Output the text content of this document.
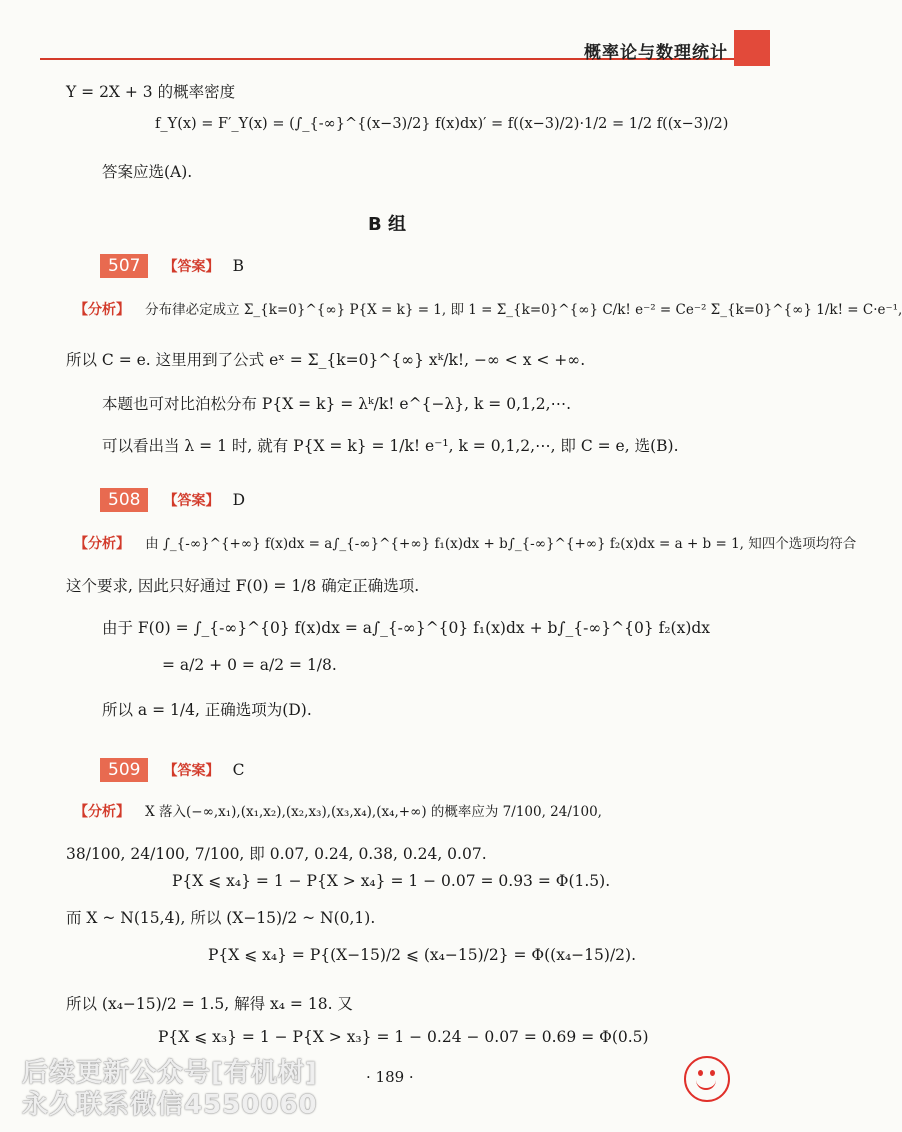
概率论与数理统计
Y = 2X + 3 的概率密度
f_Y(x) = F′_Y(x) = (∫_{-∞}^{(x−3)/2} f(x)dx)′ = f((x−3)/2)·1/2 = 1/2 f((x−3)/2)
答案应选(A).
B 组
507 【答案】 B
【分析】 分布律必定成立 Σ_{k=0}^{∞} P{X = k} = 1, 即 1 = Σ_{k=0}^{∞} C/k! e⁻² = Ce⁻² Σ_{k=0}^{∞} 1/k! = C·e⁻¹,
所以 C = e. 这里用到了公式 eˣ = Σ_{k=0}^{∞} xᵏ/k!, −∞ < x < +∞.
本题也可对比泊松分布 P{X = k} = λᵏ/k! e^{−λ}, k = 0,1,2,⋯.
可以看出当 λ = 1 时, 就有 P{X = k} = 1/k! e⁻¹, k = 0,1,2,⋯, 即 C = e, 选(B).
508 【答案】 D
【分析】 由 ∫_{-∞}^{+∞} f(x)dx = a∫_{-∞}^{+∞} f₁(x)dx + b∫_{-∞}^{+∞} f₂(x)dx = a + b = 1, 知四个选项均符合
这个要求, 因此只好通过 F(0) = 1/8 确定正确选项.
由于 F(0) = ∫_{-∞}^{0} f(x)dx = a∫_{-∞}^{0} f₁(x)dx + b∫_{-∞}^{0} f₂(x)dx
= a/2 + 0 = a/2 = 1/8.
所以 a = 1/4, 正确选项为(D).
509 【答案】 C
【分析】 X 落入(−∞,x₁),(x₁,x₂),(x₂,x₃),(x₃,x₄),(x₄,+∞) 的概率应为 7/100, 24/100,
38/100, 24/100, 7/100, 即 0.07, 0.24, 0.38, 0.24, 0.07.
P{X ⩽ x₄} = 1 − P{X > x₄} = 1 − 0.07 = 0.93 = Φ(1.5).
而 X ~ N(15,4), 所以 (X−15)/2 ~ N(0,1).
P{X ⩽ x₄} = P{(X−15)/2 ⩽ (x₄−15)/2} = Φ((x₄−15)/2).
所以 (x₄−15)/2 = 1.5, 解得 x₄ = 18. 又
P{X ⩽ x₃} = 1 − P{X > x₃} = 1 − 0.24 − 0.07 = 0.69 = Φ(0.5)
· 189 ·
后续更新公众号[有机树]
永久联系微信4550060
